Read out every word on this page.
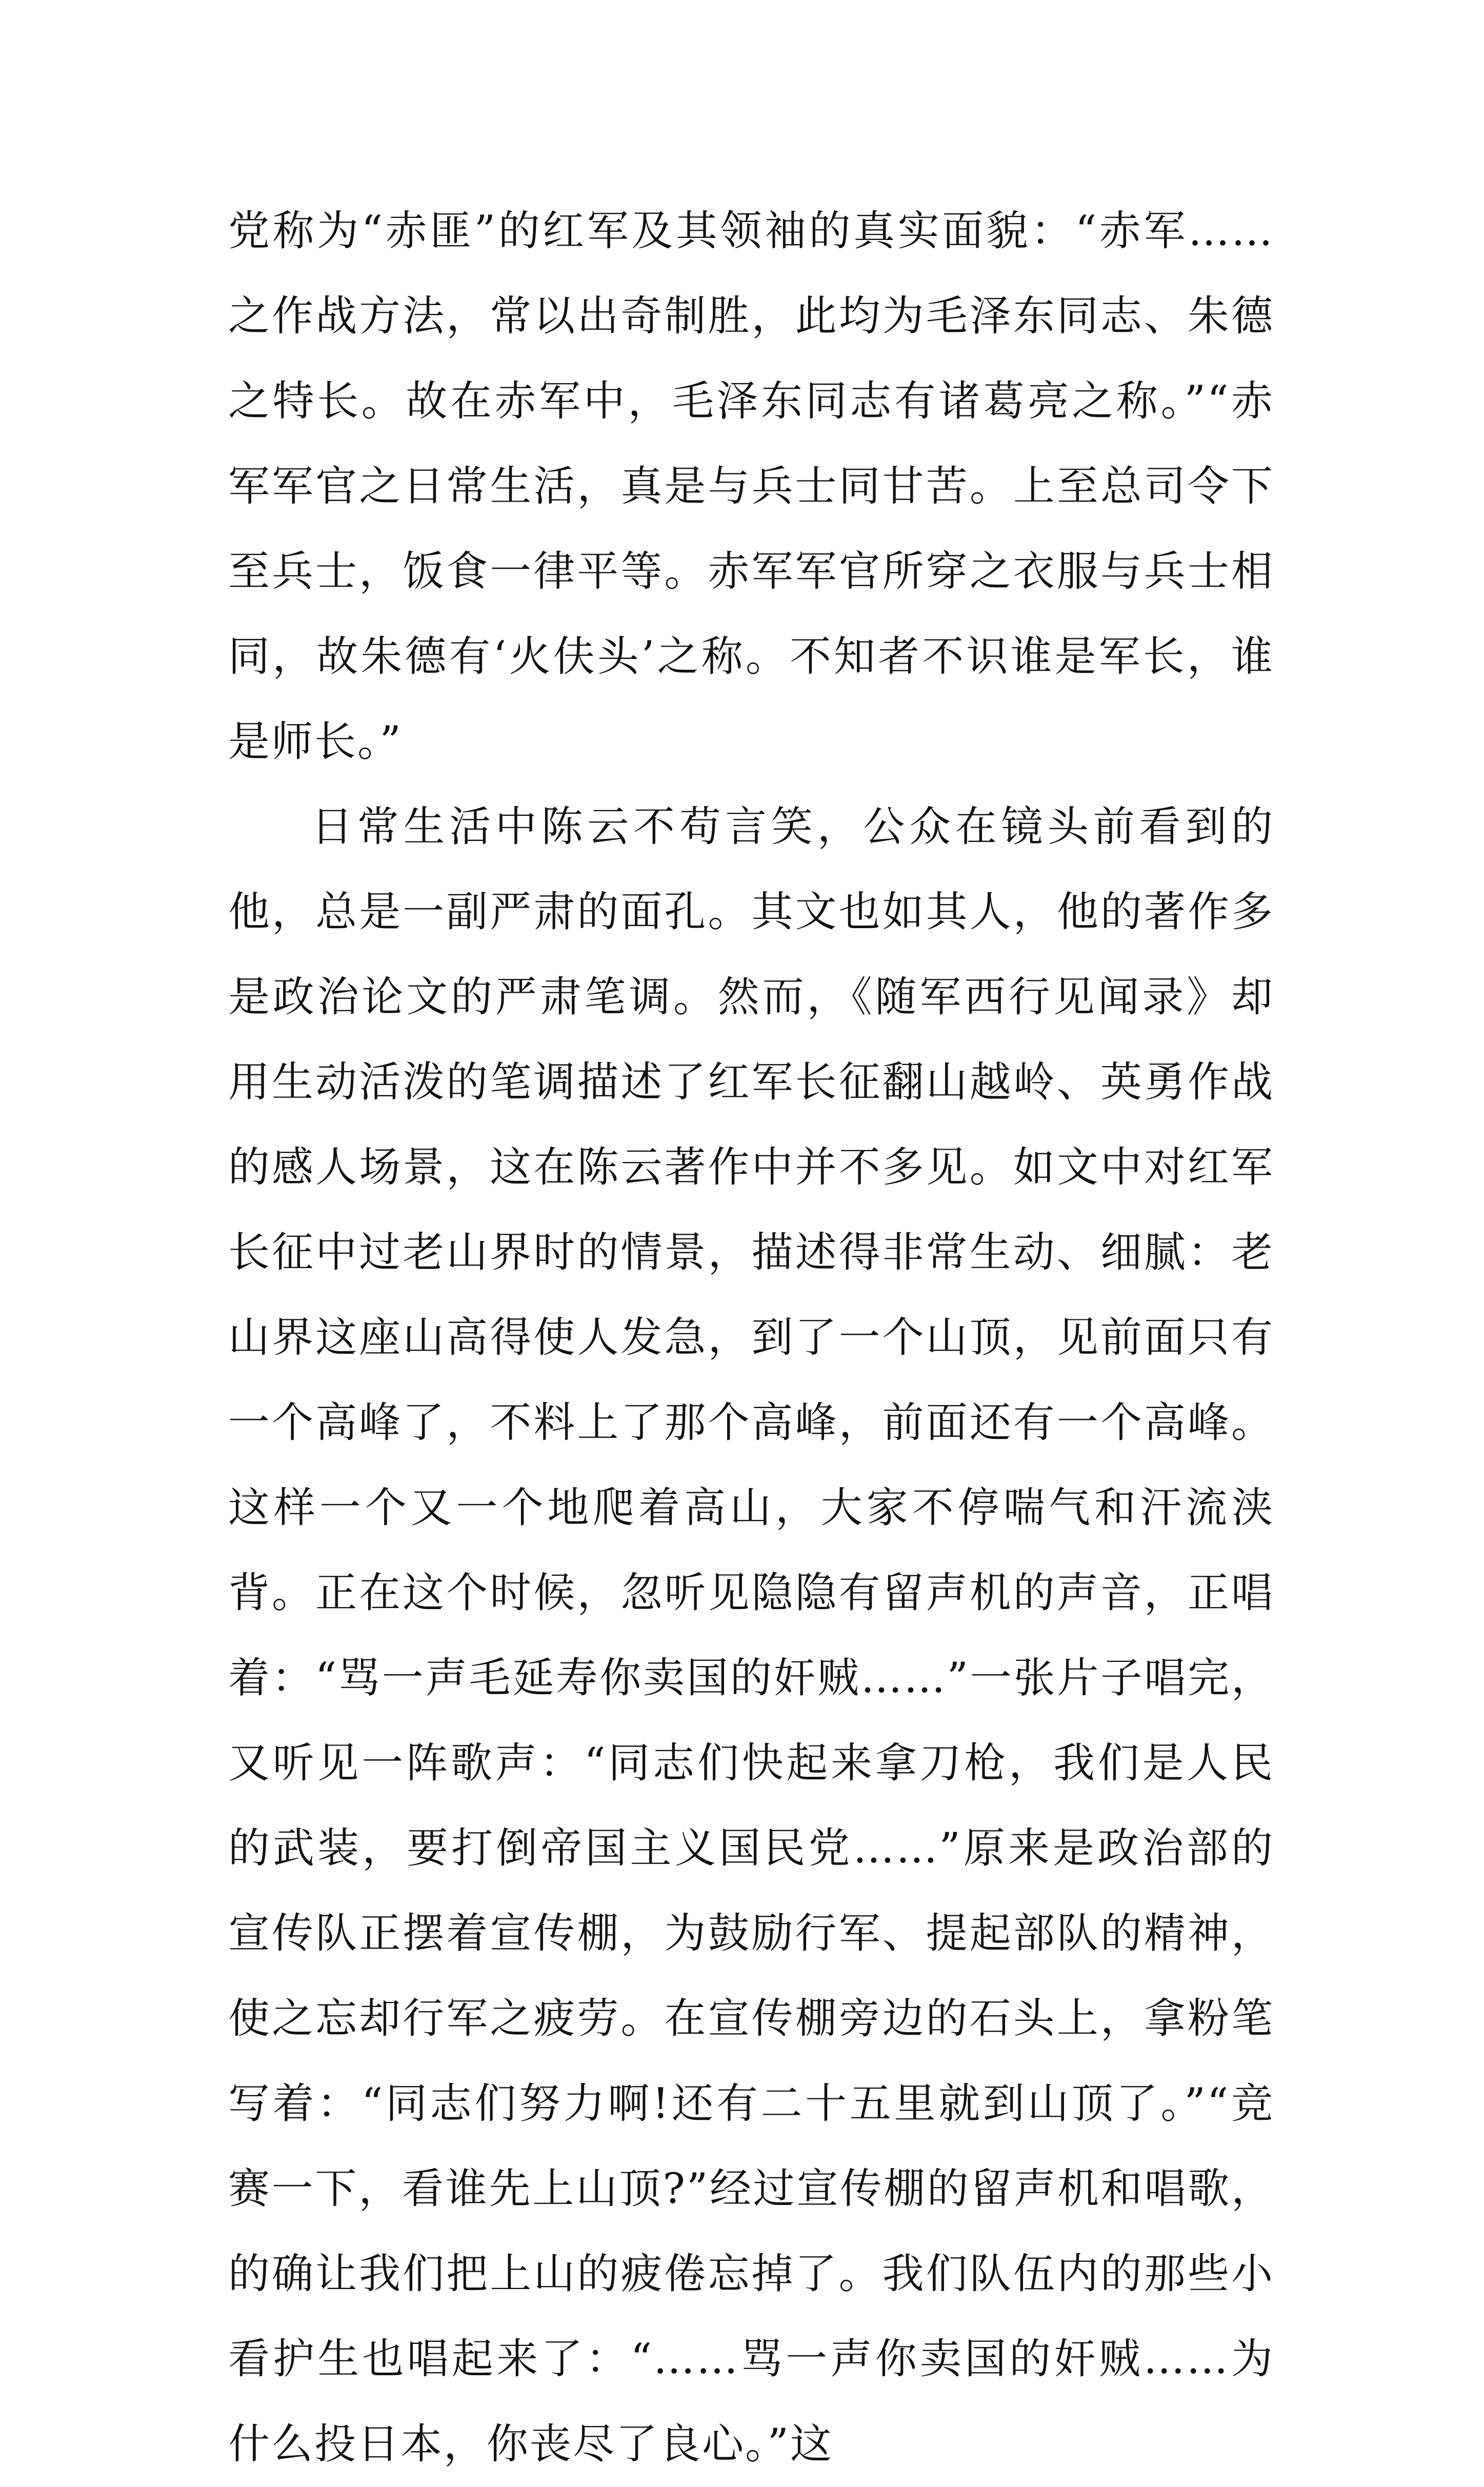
党称为“赤匪”的红军及其领袖的真实面貌：“赤军……之作战方法，常以出奇制胜，此均为毛泽东同志、朱德之特长。故在赤军中，毛泽东同志有诸葛亮之称。”“赤军军官之日常生活，真是与兵士同甘苦。上至总司令下至兵士，饭食一律平等。赤军军官所穿之衣服与兵士相同，故朱德有‘火伕头’之称。不知者不识谁是军长，谁是师长。”

日常生活中陈云不苟言笑，公众在镜头前看到的他，总是一副严肃的面孔。其文也如其人，他的著作多是政治论文的严肃笔调。然而，《随军西行见闻录》却用生动活泼的笔调描述了红军长征翻山越岭、英勇作战的感人场景，这在陈云著作中并不多见。如文中对红军长征中过老山界时的情景，描述得非常生动、细腻：老山界这座山高得使人发急，到了一个山顶，见前面只有一个高峰了，不料上了那个高峰，前面还有一个高峰。这样一个又一个地爬着高山，大家不停喘气和汗流浃背。正在这个时候，忽听见隐隐有留声机的声音，正唱着：“骂一声毛延寿你卖国的奸贼……”一张片子唱完，又听见一阵歌声：“同志们快起来拿刀枪，我们是人民的武装，要打倒帝国主义国民党……”原来是政治部的宣传队正摆着宣传棚，为鼓励行军、提起部队的精神，使之忘却行军之疲劳。在宣传棚旁边的石头上，拿粉笔写着：“同志们努力啊!还有二十五里就到山顶了。”“竞赛一下，看谁先上山顶?”经过宣传棚的留声机和唱歌，的确让我们把上山的疲倦忘掉了。我们队伍内的那些小看护生也唱起来了：“……骂一声你卖国的奸贼……为什么投日本，你丧尽了良心。”这
